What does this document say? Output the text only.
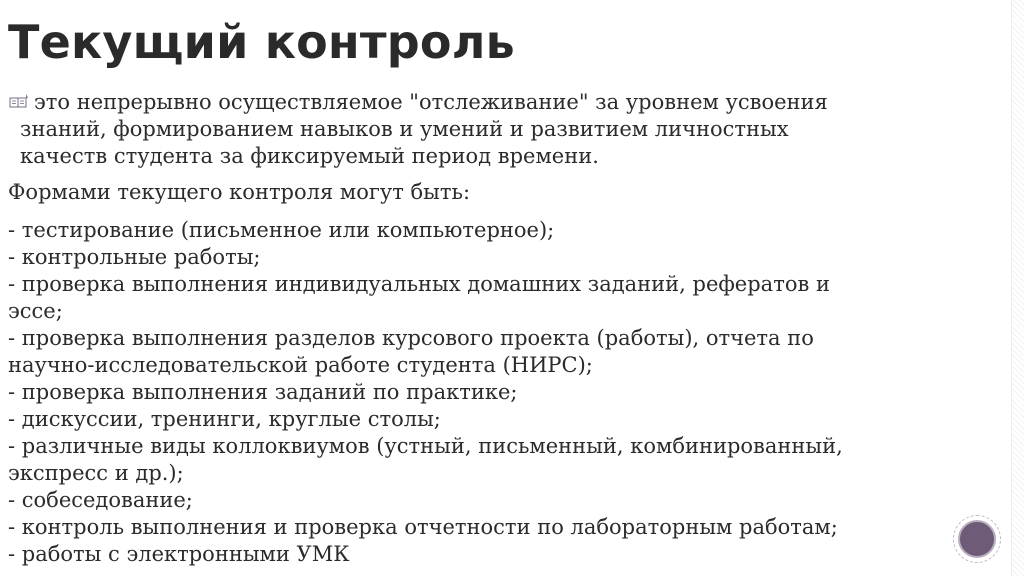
Текущий контроль
это непрерывно осуществляемое "отслеживание" за уровнем усвоения
знаний, формированием навыков и умений и развитием личностных
качеств студента за фиксируемый период времени.
Формами текущего контроля могут быть:
- тестирование (письменное или компьютерное);
- контрольные работы;
- проверка выполнения индивидуальных домашних заданий, рефератов и
эссе;
- проверка выполнения разделов курсового проекта (работы), отчета по
научно-исследовательской работе студента (НИРС);
- проверка выполнения заданий по практике;
- дискуссии, тренинги, круглые столы;
- различные виды коллоквиумов (устный, письменный, комбинированный,
экспресс и др.);
- собеседование;
- контроль выполнения и проверка отчетности по лабораторным работам;
- работы с электронными УМК
